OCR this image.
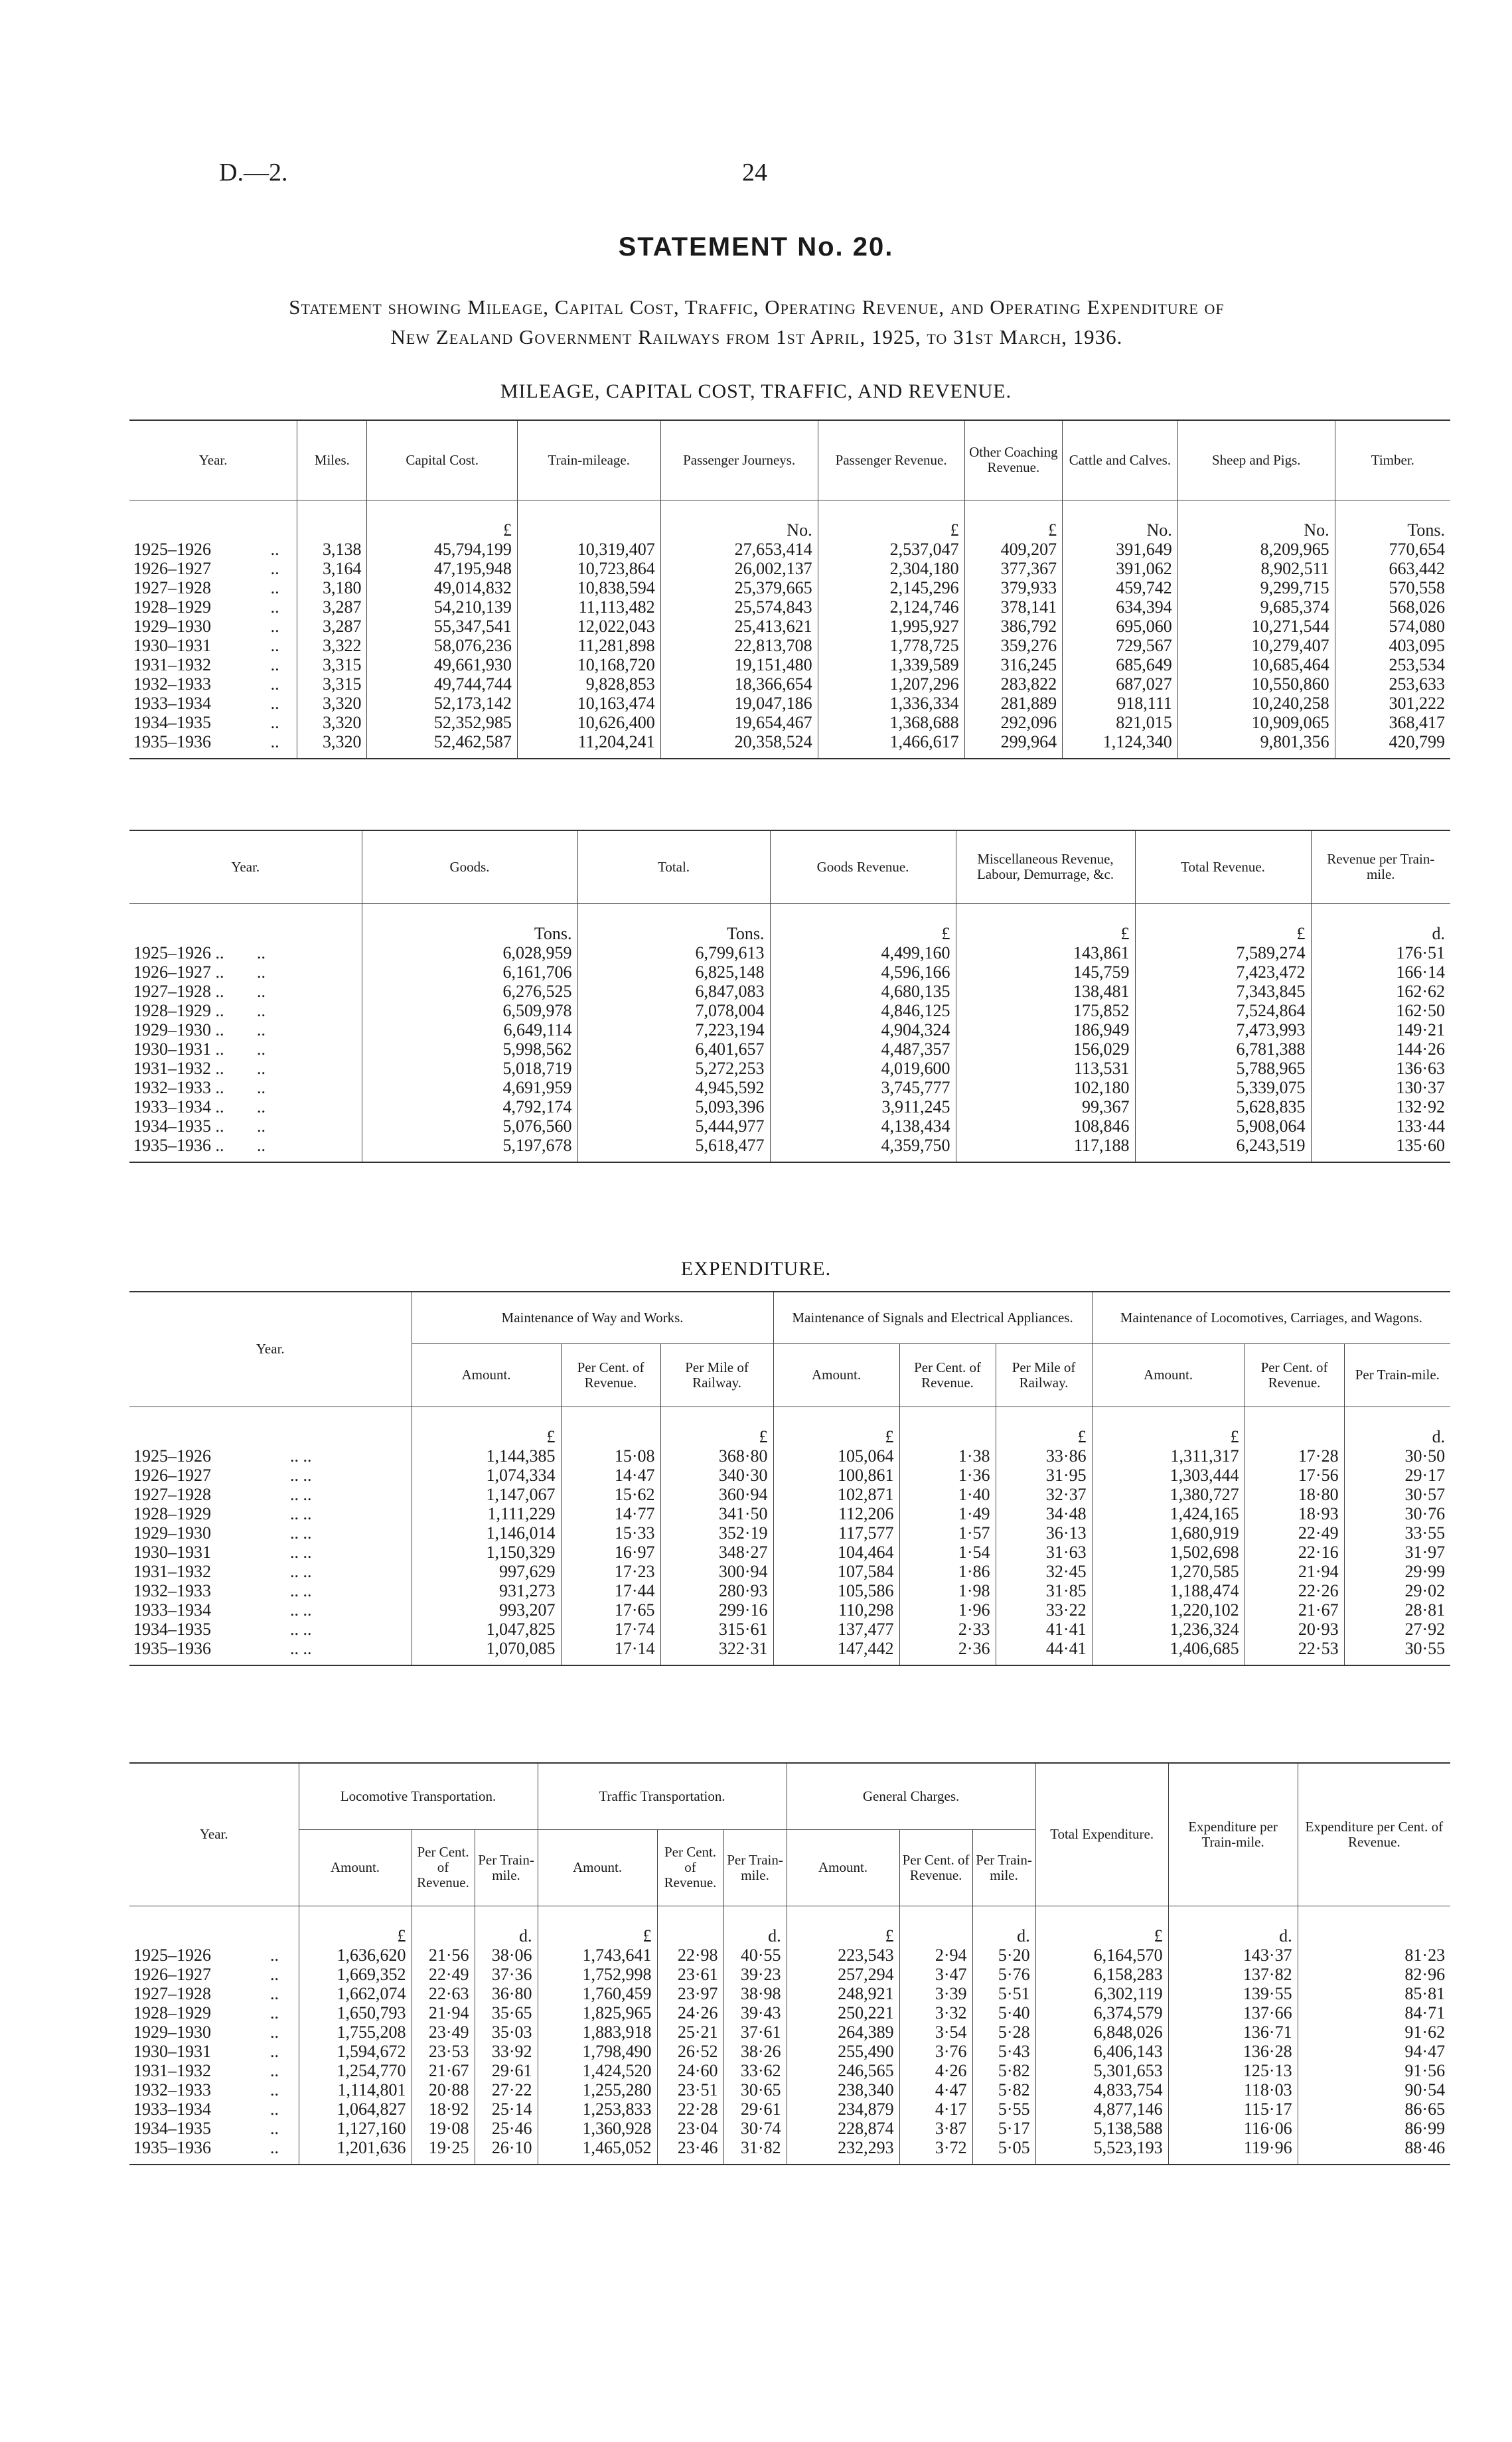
D.—2.	24
STATEMENT No. 20.
Statement showing Mileage, Capital Cost, Traffic, Operating Revenue, and Operating Expenditure of
New Zealand Government Railways from 1st April, 1925, to 31st March, 1936.
MILEAGE, CAPITAL COST, TRAFFIC, AND REVENUE.
Year.		Miles.	Capital Cost.	Train-mileage.	Passenger Journeys.	Passenger Revenue.	Other Coaching Revenue.	Cattle and Calves.	Sheep and Pigs.	Timber.
			£		No.	£	£	No.	No.	Tons.
1925–1926	..	3,138	45,794,199	10,319,407	27,653,414	2,537,047	409,207	391,649	8,209,965	770,654
1926–1927	..	3,164	47,195,948	10,723,864	26,002,137	2,304,180	377,367	391,062	8,902,511	663,442
1927–1928	..	3,180	49,014,832	10,838,594	25,379,665	2,145,296	379,933	459,742	9,299,715	570,558
1928–1929	..	3,287	54,210,139	11,113,482	25,574,843	2,124,746	378,141	634,394	9,685,374	568,026
1929–1930	..	3,287	55,347,541	12,022,043	25,413,621	1,995,927	386,792	695,060	10,271,544	574,080
1930–1931	..	3,322	58,076,236	11,281,898	22,813,708	1,778,725	359,276	729,567	10,279,407	403,095
1931–1932	..	3,315	49,661,930	10,168,720	19,151,480	1,339,589	316,245	685,649	10,685,464	253,534
1932–1933	..	3,315	49,744,744	9,828,853	18,366,654	1,207,296	283,822	687,027	10,550,860	253,633
1933–1934	..	3,320	52,173,142	10,163,474	19,047,186	1,336,334	281,889	918,111	10,240,258	301,222
1934–1935	..	3,320	52,352,985	10,626,400	19,654,467	1,368,688	292,096	821,015	10,909,065	368,417
1935–1936	..	3,320	52,462,587	11,204,241	20,358,524	1,466,617	299,964	1,124,340	9,801,356	420,799
Year.		Goods.	Total.	Goods Revenue.	Miscellaneous Revenue, Labour, Demurrage, &c.	Total Revenue.	Revenue per Train-mile.
		Tons.	Tons.	£	£	£	d.
1925–1926 ..	..	6,028,959	6,799,613	4,499,160	143,861	7,589,274	176·51
1926–1927 ..	..	6,161,706	6,825,148	4,596,166	145,759	7,423,472	166·14
1927–1928 ..	..	6,276,525	6,847,083	4,680,135	138,481	7,343,845	162·62
1928–1929 ..	..	6,509,978	7,078,004	4,846,125	175,852	7,524,864	162·50
1929–1930 ..	..	6,649,114	7,223,194	4,904,324	186,949	7,473,993	149·21
1930–1931 ..	..	5,998,562	6,401,657	4,487,357	156,029	6,781,388	144·26
1931–1932 ..	..	5,018,719	5,272,253	4,019,600	113,531	5,788,965	136·63
1932–1933 ..	..	4,691,959	4,945,592	3,745,777	102,180	5,339,075	130·37
1933–1934 ..	..	4,792,174	5,093,396	3,911,245	99,367	5,628,835	132·92
1934–1935 ..	..	5,076,560	5,444,977	4,138,434	108,846	5,908,064	133·44
1935–1936 ..	..	5,197,678	5,618,477	4,359,750	117,188	6,243,519	135·60
EXPENDITURE.
Year.		Maintenance of Way and Works.			Maintenance of Signals and Electrical Appliances.			Maintenance of Locomotives, Carriages, and Wagons.		
		Amount.	Per Cent. of Revenue.	Per Mile of Railway.	Amount.	Per Cent. of Revenue.	Per Mile of Railway.	Amount.	Per Cent. of Revenue.	Per Train-mile.
		£		£	£		£	£		d.
1925–1926	.. ..	1,144,385	15·08	368·80	105,064	1·38	33·86	1,311,317	17·28	30·50
1926–1927	.. ..	1,074,334	14·47	340·30	100,861	1·36	31·95	1,303,444	17·56	29·17
1927–1928	.. ..	1,147,067	15·62	360·94	102,871	1·40	32·37	1,380,727	18·80	30·57
1928–1929	.. ..	1,111,229	14·77	341·50	112,206	1·49	34·48	1,424,165	18·93	30·76
1929–1930	.. ..	1,146,014	15·33	352·19	117,577	1·57	36·13	1,680,919	22·49	33·55
1930–1931	.. ..	1,150,329	16·97	348·27	104,464	1·54	31·63	1,502,698	22·16	31·97
1931–1932	.. ..	997,629	17·23	300·94	107,584	1·86	32·45	1,270,585	21·94	29·99
1932–1933	.. ..	931,273	17·44	280·93	105,586	1·98	31·85	1,188,474	22·26	29·02
1933–1934	.. ..	993,207	17·65	299·16	110,298	1·96	33·22	1,220,102	21·67	28·81
1934–1935	.. ..	1,047,825	17·74	315·61	137,477	2·33	41·41	1,236,324	20·93	27·92
1935–1936	.. ..	1,070,085	17·14	322·31	147,442	2·36	44·41	1,406,685	22·53	30·55
Year.		Locomotive Transportation.			Traffic Transportation.			General Charges.			Total Expenditure.	Expenditure per Train-mile.	Expenditure per Cent. of Revenue.
		Amount.	Per Cent. of Revenue.	Per Train-mile.	Amount.	Per Cent. of Revenue.	Per Train-mile.	Amount.	Per Cent. of Revenue.	Per Train-mile.			
		£		d.	£		d.	£		d.	£	d.	
1925–1926	..	1,636,620	21·56	38·06	1,743,641	22·98	40·55	223,543	2·94	5·20	6,164,570	143·37	81·23
1926–1927	..	1,669,352	22·49	37·36	1,752,998	23·61	39·23	257,294	3·47	5·76	6,158,283	137·82	82·96
1927–1928	..	1,662,074	22·63	36·80	1,760,459	23·97	38·98	248,921	3·39	5·51	6,302,119	139·55	85·81
1928–1929	..	1,650,793	21·94	35·65	1,825,965	24·26	39·43	250,221	3·32	5·40	6,374,579	137·66	84·71
1929–1930	..	1,755,208	23·49	35·03	1,883,918	25·21	37·61	264,389	3·54	5·28	6,848,026	136·71	91·62
1930–1931	..	1,594,672	23·53	33·92	1,798,490	26·52	38·26	255,490	3·76	5·43	6,406,143	136·28	94·47
1931–1932	..	1,254,770	21·67	29·61	1,424,520	24·60	33·62	246,565	4·26	5·82	5,301,653	125·13	91·56
1932–1933	..	1,114,801	20·88	27·22	1,255,280	23·51	30·65	238,340	4·47	5·82	4,833,754	118·03	90·54
1933–1934	..	1,064,827	18·92	25·14	1,253,833	22·28	29·61	234,879	4·17	5·55	4,877,146	115·17	86·65
1934–1935	..	1,127,160	19·08	25·46	1,360,928	23·04	30·74	228,874	3·87	5·17	5,138,588	116·06	86·99
1935–1936	..	1,201,636	19·25	26·10	1,465,052	23·46	31·82	232,293	3·72	5·05	5,523,193	119·96	88·46
